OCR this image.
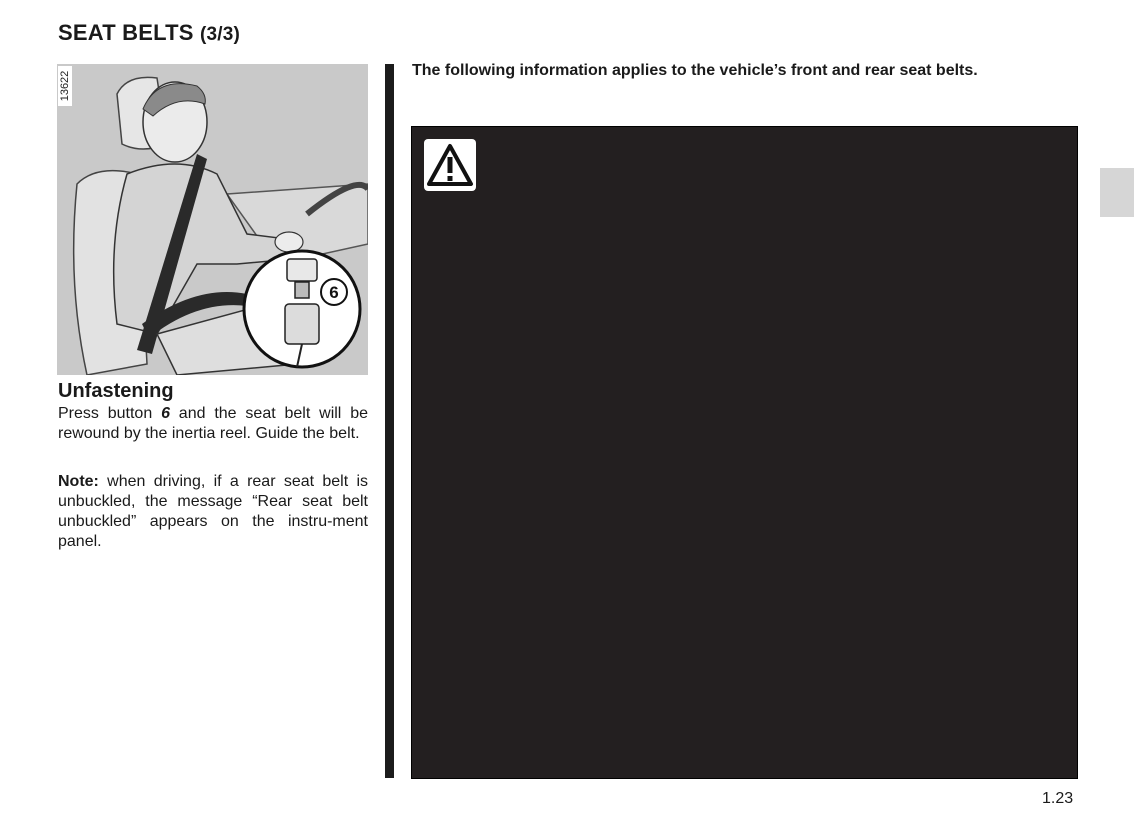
SEAT BELTS (3/3)
6
13622
Unfastening
Press button 6 and the seat belt will be rewound by the inertia reel. Guide the belt.
Note: when driving, if a rear seat belt is unbuckled, the message “Rear seat belt unbuckled” appears on the instru-ment panel.
The following information applies to the vehicle’s front and rear seat belts.
1.23
